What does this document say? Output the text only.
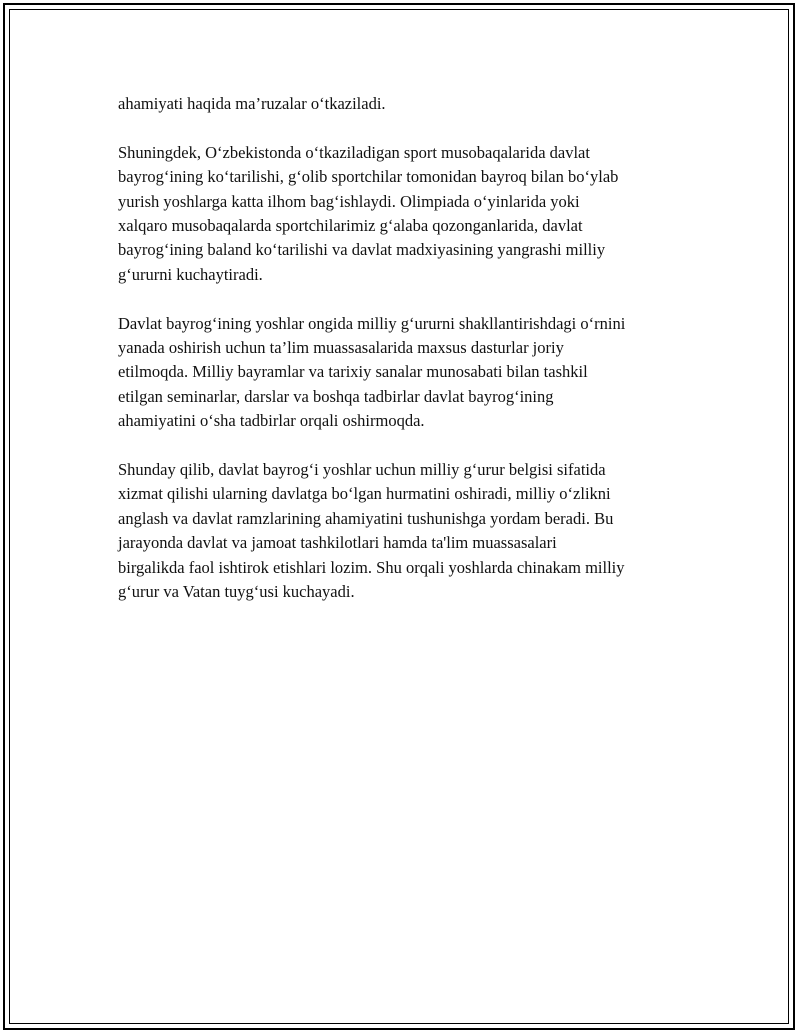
ahamiyati haqida ma’ruzalar o‘tkaziladi.

Shuningdek, O‘zbekistonda o‘tkaziladigan sport musobaqalarida davlat
bayrog‘ining ko‘tarilishi, g‘olib sportchilar tomonidan bayroq bilan bo‘ylab
yurish yoshlarga katta ilhom bag‘ishlaydi. Olimpiada o‘yinlarida yoki
xalqaro musobaqalarda sportchilarimiz g‘alaba qozonganlarida, davlat
bayrog‘ining baland ko‘tarilishi va davlat madxiyasining yangrashi milliy
g‘ururni kuchaytiradi.

Davlat bayrog‘ining yoshlar ongida milliy g‘ururni shakllantirishdagi o‘rnini
yanada oshirish uchun ta’lim muassasalarida maxsus dasturlar joriy
etilmoqda. Milliy bayramlar va tarixiy sanalar munosabati bilan tashkil
etilgan seminarlar, darslar va boshqa tadbirlar davlat bayrog‘ining
ahamiyatini o‘sha tadbirlar orqali oshirmoqda.

Shunday qilib, davlat bayrog‘i yoshlar uchun milliy g‘urur belgisi sifatida
xizmat qilishi ularning davlatga bo‘lgan hurmatini oshiradi, milliy o‘zlikni
anglash va davlat ramzlarining ahamiyatini tushunishga yordam beradi. Bu
jarayonda davlat va jamoat tashkilotlari hamda ta'lim muassasalari
birgalikda faol ishtirok etishlari lozim. Shu orqali yoshlarda chinakam milliy
g‘urur va Vatan tuyg‘usi kuchayadi.
